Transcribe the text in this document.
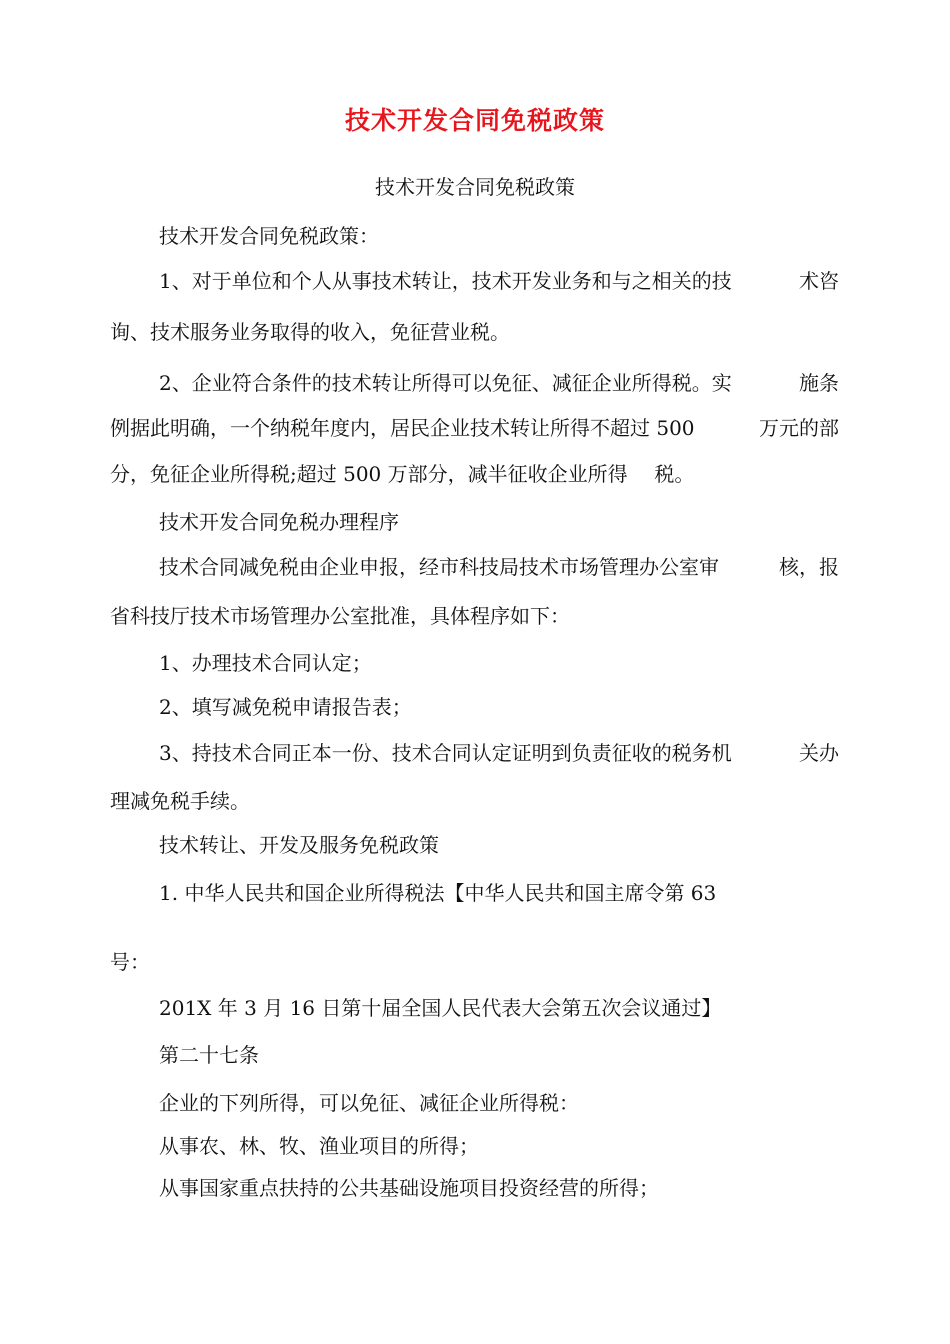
技术开发合同免税政策

技术开发合同免税政策

技术开发合同免税政策：

1、对于单位和个人从事技术转让，技术开发业务和与之相关的技	术咨

询、技术服务业务取得的收入，免征营业税。

2、企业符合条件的技术转让所得可以免征、减征企业所得税。实	施条

例据此明确，一个纳税年度内，居民企业技术转让所得不超过 500	万元的部

分，免征企业所得税;超过 500 万部分，减半征收企业所得 税。

技术开发合同免税办理程序

技术合同减免税由企业申报，经市科技局技术市场管理办公室审	核，报

省科技厅技术市场管理办公室批准，具体程序如下：

1、办理技术合同认定；

2、填写减免税申请报告表；

3、持技术合同正本一份、技术合同认定证明到负责征收的税务机	关办

理减免税手续。

技术转让、开发及服务免税政策

1. 中华人民共和国企业所得税法【中华人民共和国主席令第 63

号：

201X 年 3 月 16 日第十届全国人民代表大会第五次会议通过】

第二十七条

企业的下列所得，可以免征、减征企业所得税：

从事农、林、牧、渔业项目的所得；

从事国家重点扶持的公共基础设施项目投资经营的所得；
